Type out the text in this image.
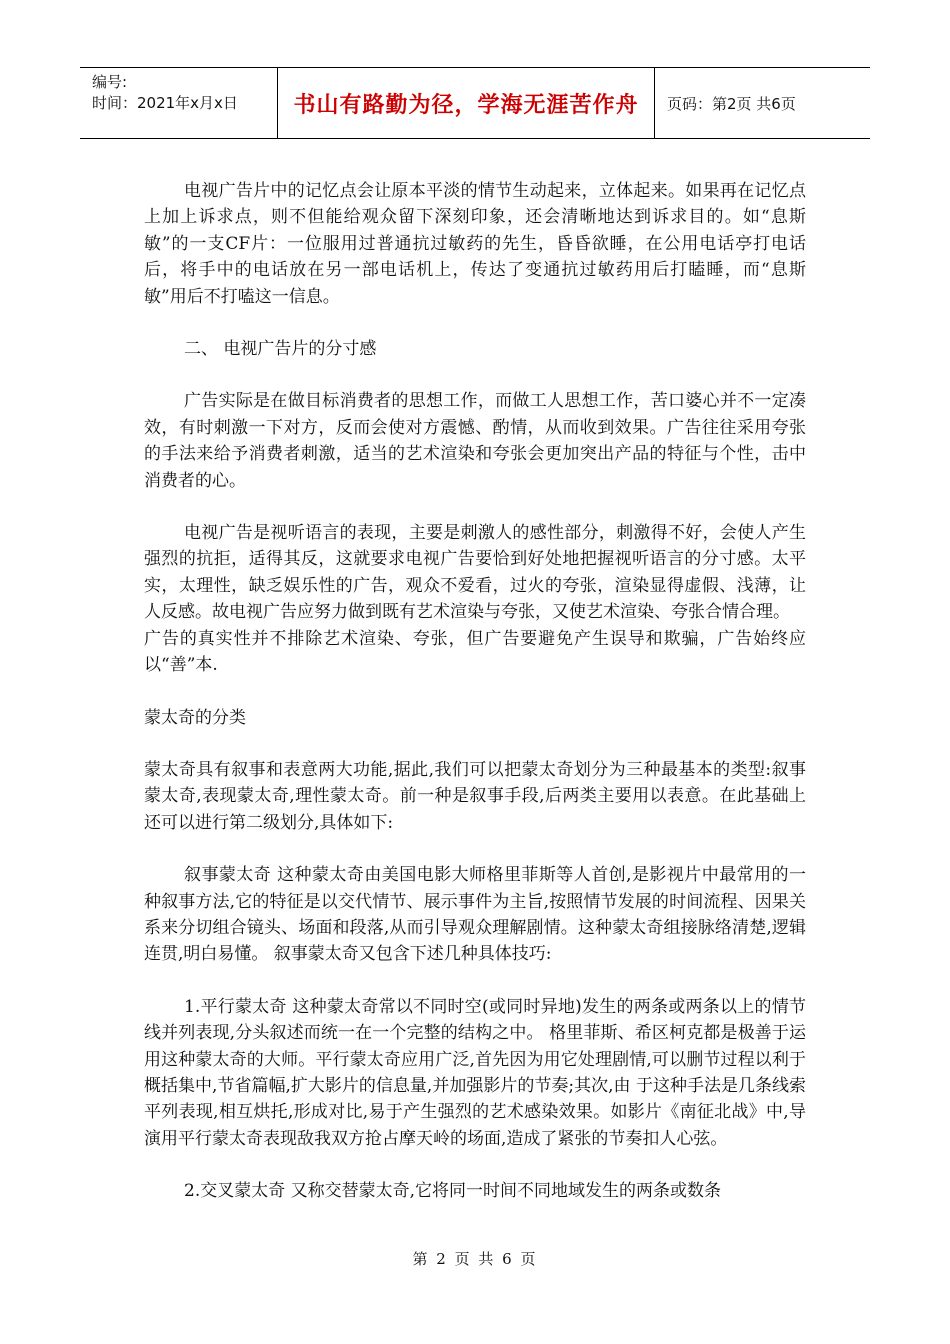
编号:
时间：2021年x月x日	书山有路勤为径，学海无涯苦作舟	页码：第2页 共6页

电视广告片中的记忆点会让原本平淡的情节生动起来，立体起来。如果再在记忆点上加上诉求点，则不但能给观众留下深刻印象，还会清晰地达到诉求目的。如“息斯敏”的一支CF片：一位服用过普通抗过敏药的先生，昏昏欲睡，在公用电话亭打电话后，将手中的电话放在另一部电话机上，传达了变通抗过敏药用后打瞌睡，而“息斯敏”用后不打嗑这一信息。

二、 电视广告片的分寸感

广告实际是在做目标消费者的思想工作，而做工人思想工作，苦口婆心并不一定凑效，有时刺激一下对方，反而会使对方震憾、酌情，从而收到效果。广告往往采用夸张的手法来给予消费者刺激，适当的艺术渲染和夸张会更加突出产品的特征与个性，击中消费者的心。

电视广告是视听语言的表现，主要是刺激人的感性部分，刺激得不好，会使人产生强烈的抗拒，适得其反，这就要求电视广告要恰到好处地把握视听语言的分寸感。太平实，太理性，缺乏娱乐性的广告，观众不爱看，过火的夸张，渲染显得虚假、浅薄，让人反感。故电视广告应努力做到既有艺术渲染与夸张，又使艺术渲染、夸张合情合理。

广告的真实性并不排除艺术渲染、夸张，但广告要避免产生误导和欺骗，广告始终应以“善”本.

蒙太奇的分类

蒙太奇具有叙事和表意两大功能,据此,我们可以把蒙太奇划分为三种最基本的类型:叙事蒙太奇,表现蒙太奇,理性蒙太奇。前一种是叙事手段,后两类主要用以表意。在此基础上还可以进行第二级划分,具体如下:

叙事蒙太奇 这种蒙太奇由美国电影大师格里菲斯等人首创,是影视片中最常用的一种叙事方法,它的特征是以交代情节、展示事件为主旨,按照情节发展的时间流程、因果关系来分切组合镜头、场面和段落,从而引导观众理解剧情。这种蒙太奇组接脉络清楚,逻辑连贯,明白易懂。 叙事蒙太奇又包含下述几种具体技巧:

1.平行蒙太奇 这种蒙太奇常以不同时空(或同时异地)发生的两条或两条以上的情节线并列表现,分头叙述而统一在一个完整的结构之中。 格里菲斯、希区柯克都是极善于运用这种蒙太奇的大师。平行蒙太奇应用广泛,首先因为用它处理剧情,可以删节过程以利于概括集中,节省篇幅,扩大影片的信息量,并加强影片的节奏;其次,由 于这种手法是几条线索平列表现,相互烘托,形成对比,易于产生强烈的艺术感染效果。如影片《南征北战》中,导演用平行蒙太奇表现敌我双方抢占摩天岭的场面,造成了紧张的节奏扣人心弦。

2.交叉蒙太奇 又称交替蒙太奇,它将同一时间不同地域发生的两条或数条

第 2 页 共 6 页
